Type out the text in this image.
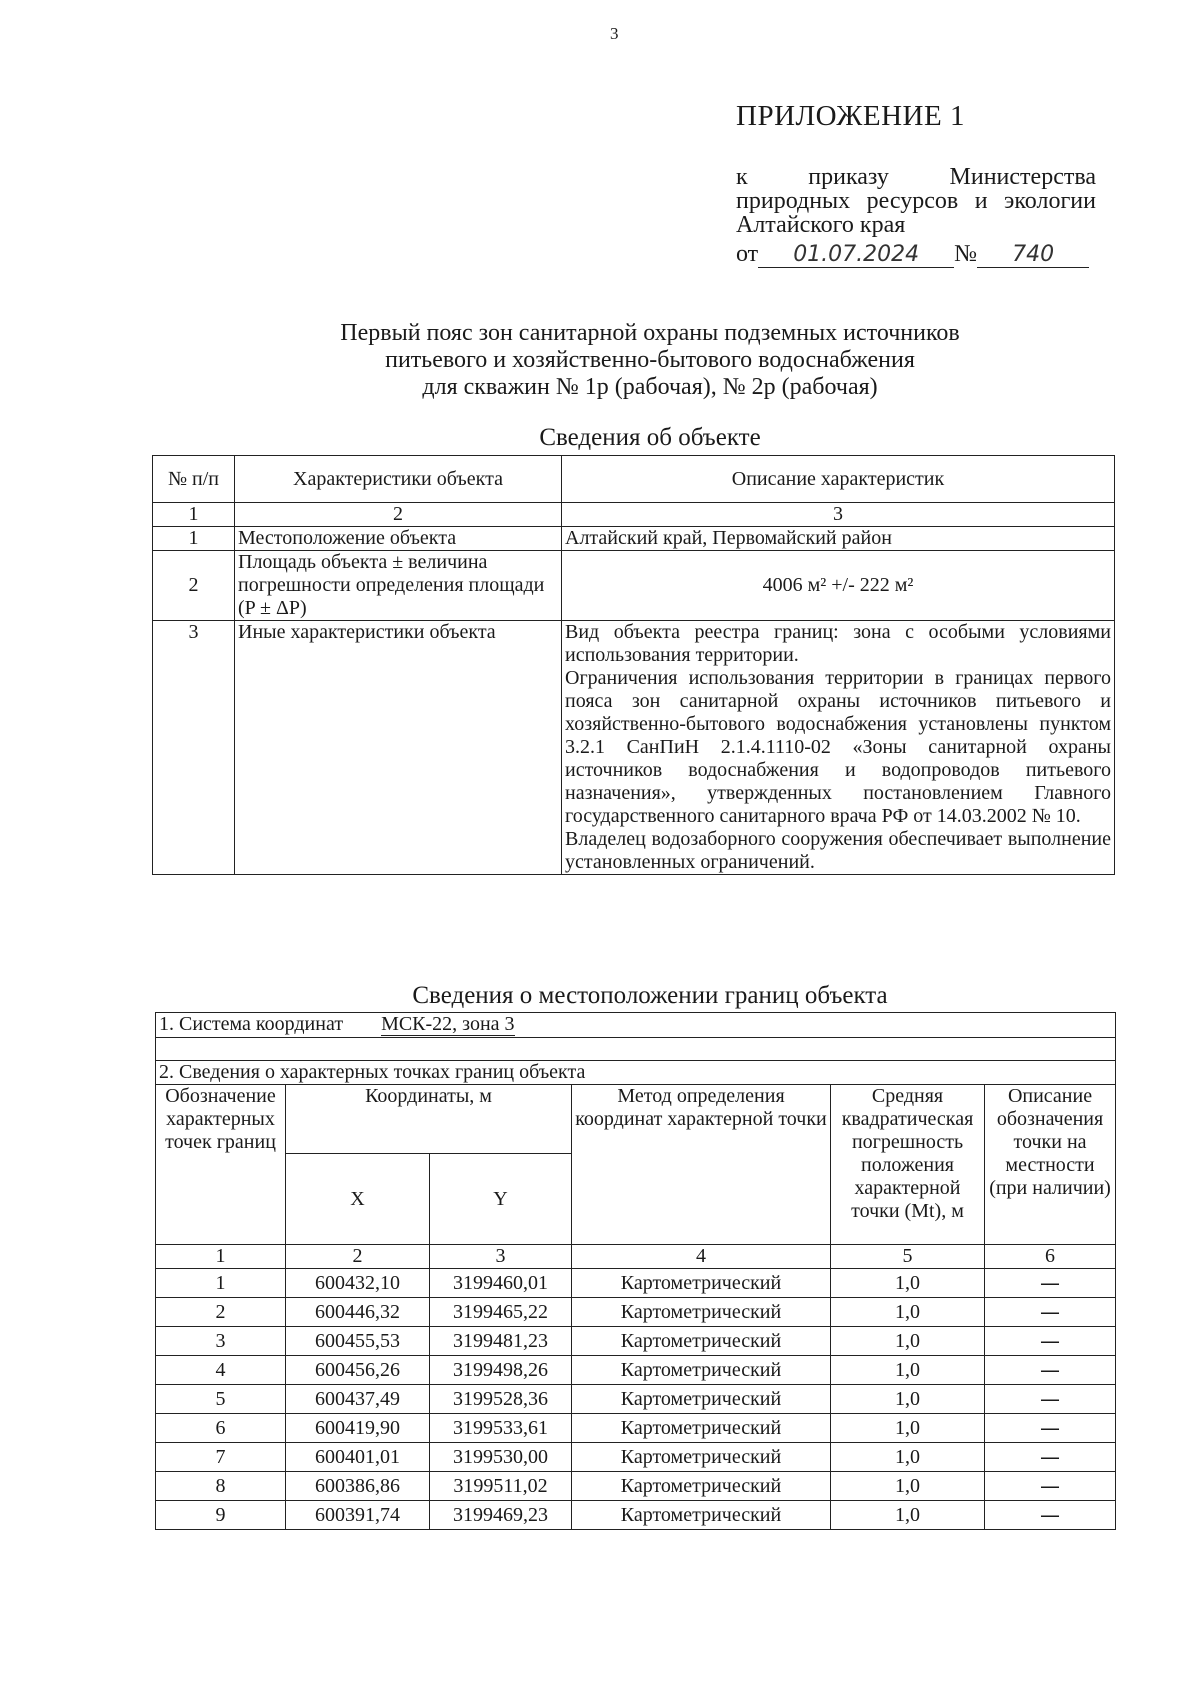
3
ПРИЛОЖЕНИЕ 1
к приказу Министерства природных ресурсов и экологии Алтайского края
от 01.07.2024 № 740
Первый пояс зон санитарной охраны подземных источников
питьевого и хозяйственно-бытового водоснабжения
для скважин № 1р (рабочая), № 2р (рабочая)
Сведения об объекте
№ п/п	Характеристики объекта	Описание характеристик
1	2	3
1	Местоположение объекта	Алтайский край, Первомайский район
2	Площадь объекта ± величина погрешности определения площади (P ± ΔP)	4006 м² +/- 222 м²
3	Иные характеристики объекта	Вид объекта реестра границ: зона с особыми условиями использования территории.
Ограничения использования территории в границах первого пояса зон санитарной охраны источников питьевого и хозяйственно-бытового водоснабжения установлены пунктом 3.2.1 СанПиН 2.1.4.1110-02 «Зоны санитарной охраны источников водоснабжения и водопроводов питьевого назначения», утвержденных постановлением Главного государственного санитарного врача РФ от 14.03.2002 № 10.
Владелец водозаборного сооружения обеспечивает выполнение установленных ограничений.
Сведения о местоположении границ объекта
1. Система координат МСК-22, зона 3					

2. Сведения о характерных точках границ объекта					
Обозначение характерных точек границ	Координаты, м		Метод определения координат характерной точки	Средняя квадратическая погрешность положения характерной точки (Mt), м	Описание обозначения точки на местности (при наличии)
	X	Y			
1	2	3	4	5	6
1	600432,10	3199460,01	Картометрический	1,0	—
2	600446,32	3199465,22	Картометрический	1,0	—
3	600455,53	3199481,23	Картометрический	1,0	—
4	600456,26	3199498,26	Картометрический	1,0	—
5	600437,49	3199528,36	Картометрический	1,0	—
6	600419,90	3199533,61	Картометрический	1,0	—
7	600401,01	3199530,00	Картометрический	1,0	—
8	600386,86	3199511,02	Картометрический	1,0	—
9	600391,74	3199469,23	Картометрический	1,0	—
